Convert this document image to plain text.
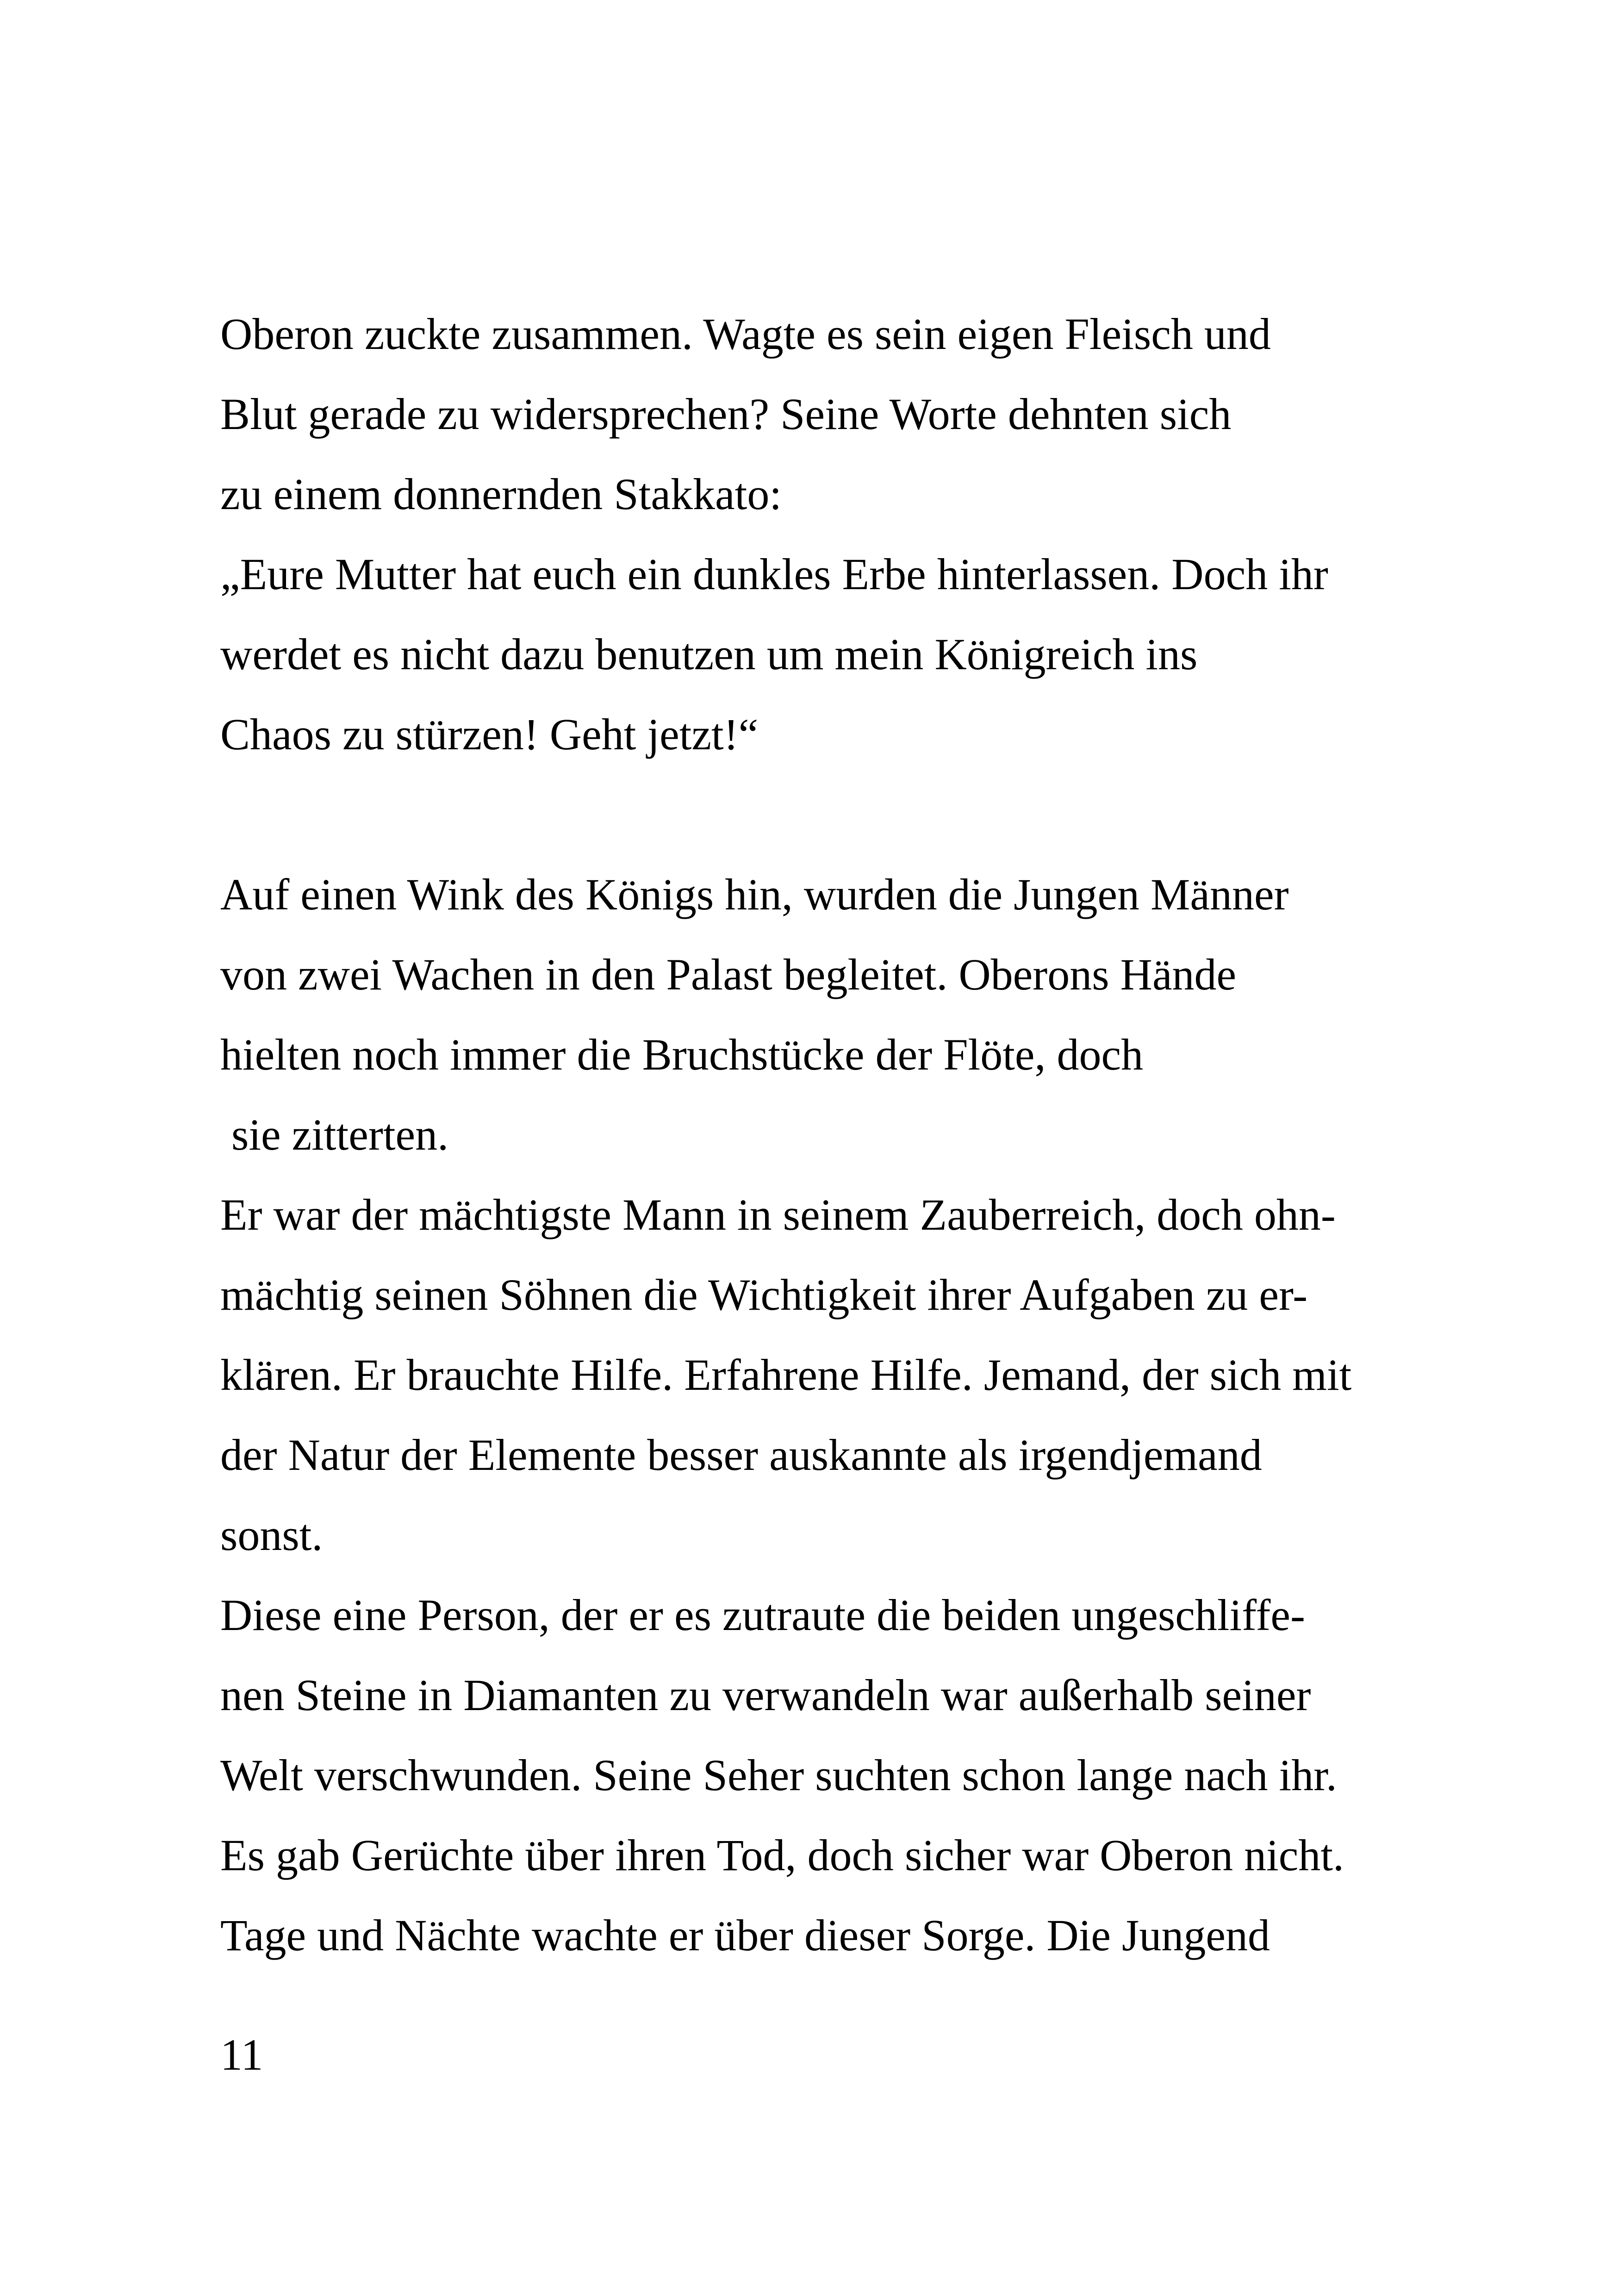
Oberon zuckte zusammen. Wagte es sein eigen Fleisch und
Blut gerade zu widersprechen? Seine Worte dehnten sich
zu einem donnernden Stakkato:
„Eure Mutter hat euch ein dunkles Erbe hinterlassen. Doch ihr
werdet es nicht dazu benutzen um mein Königreich ins
Chaos zu stürzen! Geht jetzt!“
Auf einen Wink des Königs hin, wurden die Jungen Männer
von zwei Wachen in den Palast begleitet. Oberons Hände
hielten noch immer die Bruchstücke der Flöte, doch
sie zitterten.
Er war der mächtigste Mann in seinem Zauberreich, doch ohn-
mächtig seinen Söhnen die Wichtigkeit ihrer Aufgaben zu er-
klären. Er brauchte Hilfe. Erfahrene Hilfe. Jemand, der sich mit
der Natur der Elemente besser auskannte als irgendjemand
sonst.
Diese eine Person, der er es zutraute die beiden ungeschliffe-
nen Steine in Diamanten zu verwandeln war außerhalb seiner
Welt verschwunden. Seine Seher suchten schon lange nach ihr.
Es gab Gerüchte über ihren Tod, doch sicher war Oberon nicht.
Tage und Nächte wachte er über dieser Sorge. Die Jungend
11
